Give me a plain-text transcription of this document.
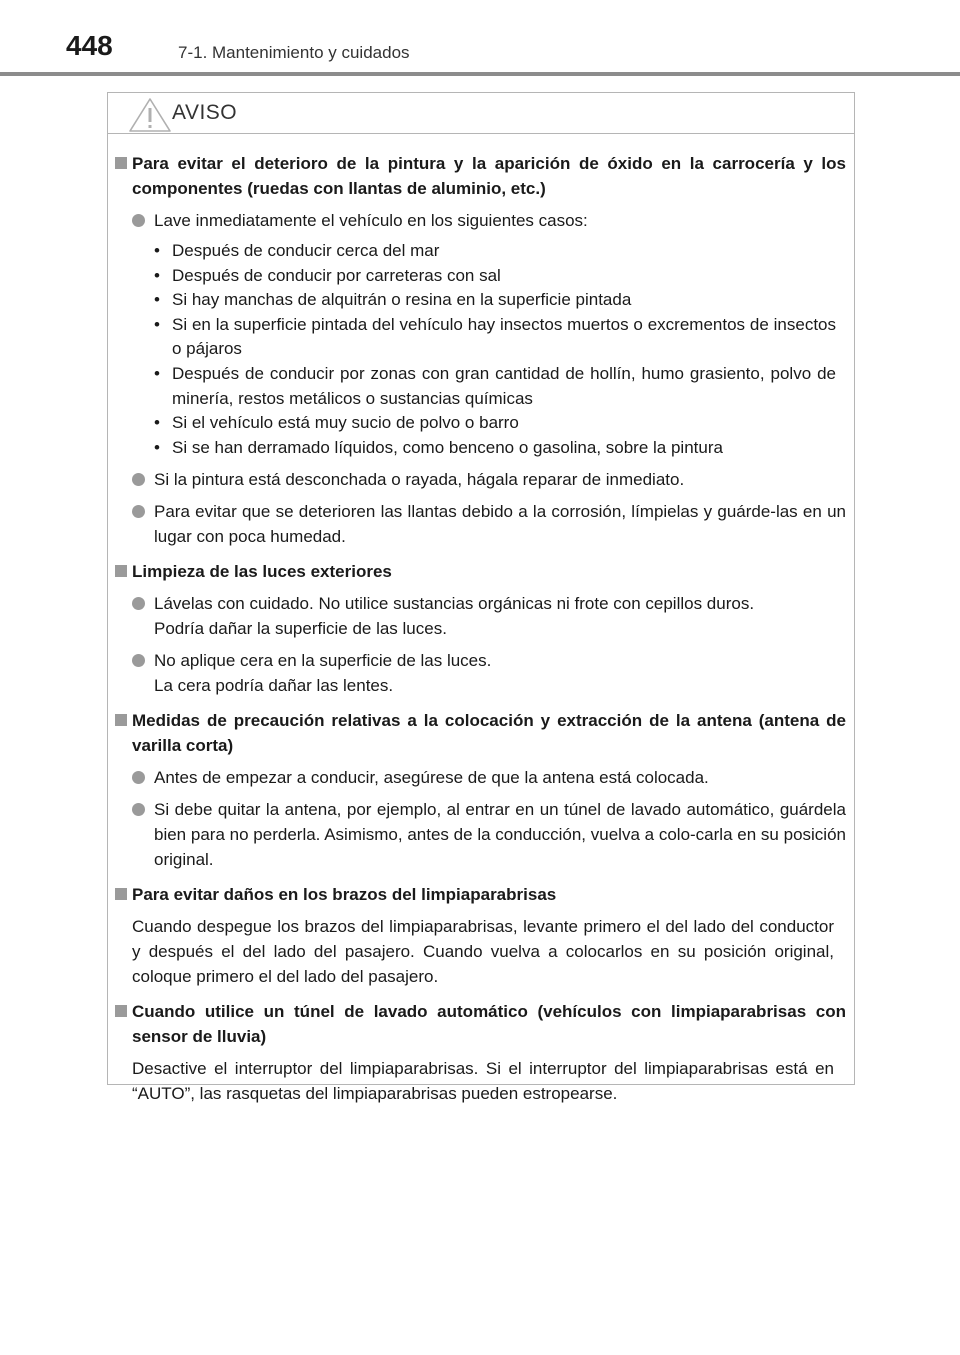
448	7-1. Mantenimiento y cuidados
AVISO
Para evitar el deterioro de la pintura y la aparición de óxido en la carrocería y los componentes (ruedas con llantas de aluminio, etc.)
Lave inmediatamente el vehículo en los siguientes casos:
• Después de conducir cerca del mar
• Después de conducir por carreteras con sal
• Si hay manchas de alquitrán o resina en la superficie pintada
• Si en la superficie pintada del vehículo hay insectos muertos o excrementos de insectos o pájaros
• Después de conducir por zonas con gran cantidad de hollín, humo grasiento, polvo de minería, restos metálicos o sustancias químicas
• Si el vehículo está muy sucio de polvo o barro
• Si se han derramado líquidos, como benceno o gasolina, sobre la pintura
Si la pintura está desconchada o rayada, hágala reparar de inmediato.
Para evitar que se deterioren las llantas debido a la corrosión, límpielas y guárde-las en un lugar con poca humedad.
Limpieza de las luces exteriores
Lávelas con cuidado. No utilice sustancias orgánicas ni frote con cepillos duros.
Podría dañar la superficie de las luces.
No aplique cera en la superficie de las luces.
La cera podría dañar las lentes.
Medidas de precaución relativas a la colocación y extracción de la antena (antena de varilla corta)
Antes de empezar a conducir, asegúrese de que la antena está colocada.
Si debe quitar la antena, por ejemplo, al entrar en un túnel de lavado automático, guárdela bien para no perderla. Asimismo, antes de la conducción, vuelva a colo-carla en su posición original.
Para evitar daños en los brazos del limpiaparabrisas
Cuando despegue los brazos del limpiaparabrisas, levante primero el del lado del conductor y después el del lado del pasajero. Cuando vuelva a colocarlos en su posición original, coloque primero el del lado del pasajero.
Cuando utilice un túnel de lavado automático (vehículos con limpiaparabrisas con sensor de lluvia)
Desactive el interruptor del limpiaparabrisas. Si el interruptor del limpiaparabrisas está en “AUTO”, las rasquetas del limpiaparabrisas pueden estropearse.
